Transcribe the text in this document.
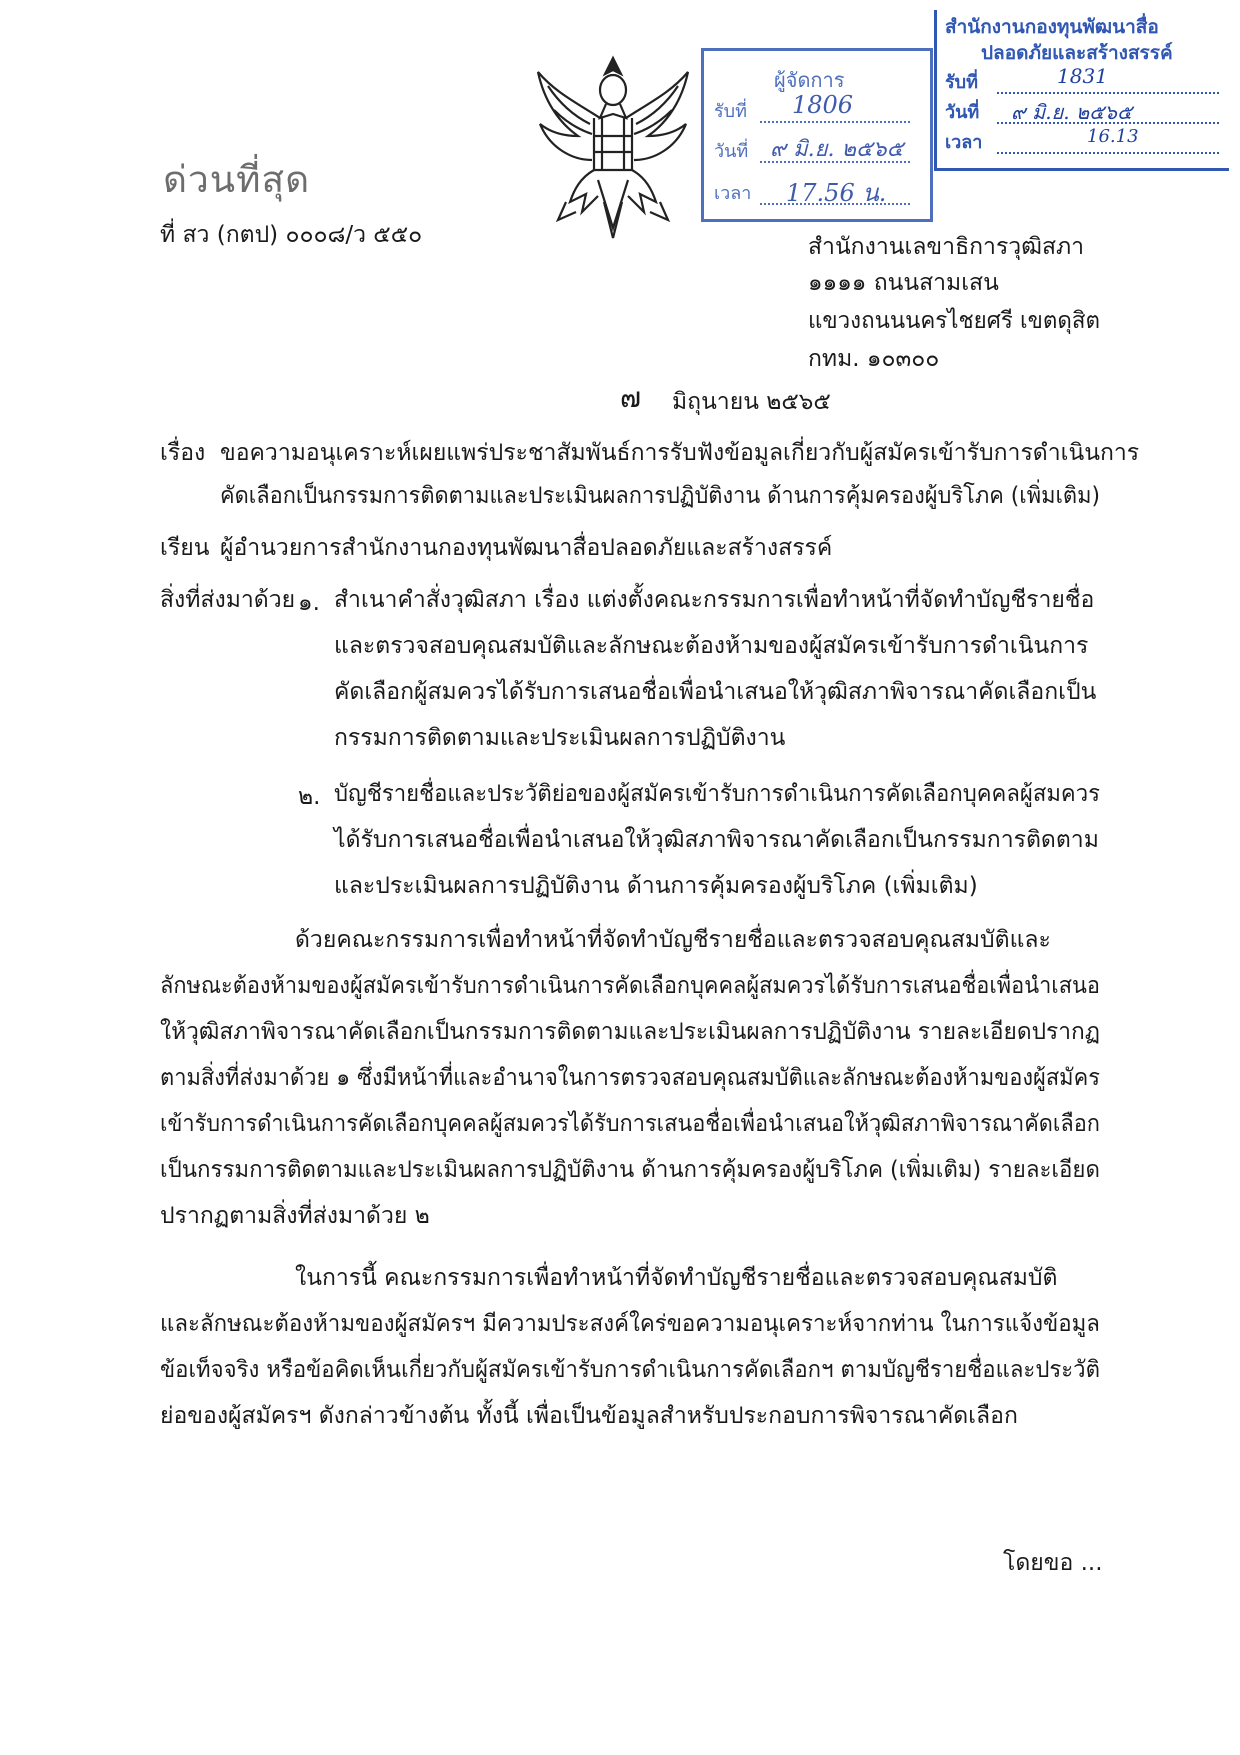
ด่วนที่สุด
ที่ สว (กตป) ๐๐๐๘/ว ๕๕๐
ผู้จัดการ
รับที่ 1806
วันที่ ๙ มิ.ย. ๒๕๖๕
เวลา 17.56 น.
สำนักงานกองทุนพัฒนาสื่อ
ปลอดภัยและสร้างสรรค์
รับที่	1831
วันที่ ๙ มิ.ย. ๒๕๖๕
เวลา	16.13
สำนักงานเลขาธิการวุฒิสภา
๑๑๑๑ ถนนสามเสน
แขวงถนนนครไชยศรี เขตดุสิต
กทม. ๑๐๓๐๐
๗ มิถุนายน ๒๕๖๕
เรื่อง ขอความอนุเคราะห์เผยแพร่ประชาสัมพันธ์การรับฟังข้อมูลเกี่ยวกับผู้สมัครเข้ารับการดำเนินการ
คัดเลือกเป็นกรรมการติดตามและประเมินผลการปฏิบัติงาน ด้านการคุ้มครองผู้บริโภค (เพิ่มเติม)
เรียน ผู้อำนวยการสำนักงานกองทุนพัฒนาสื่อปลอดภัยและสร้างสรรค์
สิ่งที่ส่งมาด้วย ๑. สำเนาคำสั่งวุฒิสภา เรื่อง แต่งตั้งคณะกรรมการเพื่อทำหน้าที่จัดทำบัญชีรายชื่อ
และตรวจสอบคุณสมบัติและลักษณะต้องห้ามของผู้สมัครเข้ารับการดำเนินการ
คัดเลือกผู้สมควรได้รับการเสนอชื่อเพื่อนำเสนอให้วุฒิสภาพิจารณาคัดเลือกเป็น
กรรมการติดตามและประเมินผลการปฏิบัติงาน
๒. บัญชีรายชื่อและประวัติย่อของผู้สมัครเข้ารับการดำเนินการคัดเลือกบุคคลผู้สมควร
ได้รับการเสนอชื่อเพื่อนำเสนอให้วุฒิสภาพิจารณาคัดเลือกเป็นกรรมการติดตาม
และประเมินผลการปฏิบัติงาน ด้านการคุ้มครองผู้บริโภค (เพิ่มเติม)
ด้วยคณะกรรมการเพื่อทำหน้าที่จัดทำบัญชีรายชื่อและตรวจสอบคุณสมบัติและ
ลักษณะต้องห้ามของผู้สมัครเข้ารับการดำเนินการคัดเลือกบุคคลผู้สมควรได้รับการเสนอชื่อเพื่อนำเสนอ
ให้วุฒิสภาพิจารณาคัดเลือกเป็นกรรมการติดตามและประเมินผลการปฏิบัติงาน รายละเอียดปรากฏ
ตามสิ่งที่ส่งมาด้วย ๑ ซึ่งมีหน้าที่และอำนาจในการตรวจสอบคุณสมบัติและลักษณะต้องห้ามของผู้สมัคร
เข้ารับการดำเนินการคัดเลือกบุคคลผู้สมควรได้รับการเสนอชื่อเพื่อนำเสนอให้วุฒิสภาพิจารณาคัดเลือก
เป็นกรรมการติดตามและประเมินผลการปฏิบัติงาน ด้านการคุ้มครองผู้บริโภค (เพิ่มเติม) รายละเอียด
ปรากฏตามสิ่งที่ส่งมาด้วย ๒
ในการนี้ คณะกรรมการเพื่อทำหน้าที่จัดทำบัญชีรายชื่อและตรวจสอบคุณสมบัติ
และลักษณะต้องห้ามของผู้สมัครฯ มีความประสงค์ใคร่ขอความอนุเคราะห์จากท่าน ในการแจ้งข้อมูล
ข้อเท็จจริง หรือข้อคิดเห็นเกี่ยวกับผู้สมัครเข้ารับการดำเนินการคัดเลือกฯ ตามบัญชีรายชื่อและประวัติ
ย่อของผู้สมัครฯ ดังกล่าวข้างต้น ทั้งนี้ เพื่อเป็นข้อมูลสำหรับประกอบการพิจารณาคัดเลือก
โดยขอ ...
